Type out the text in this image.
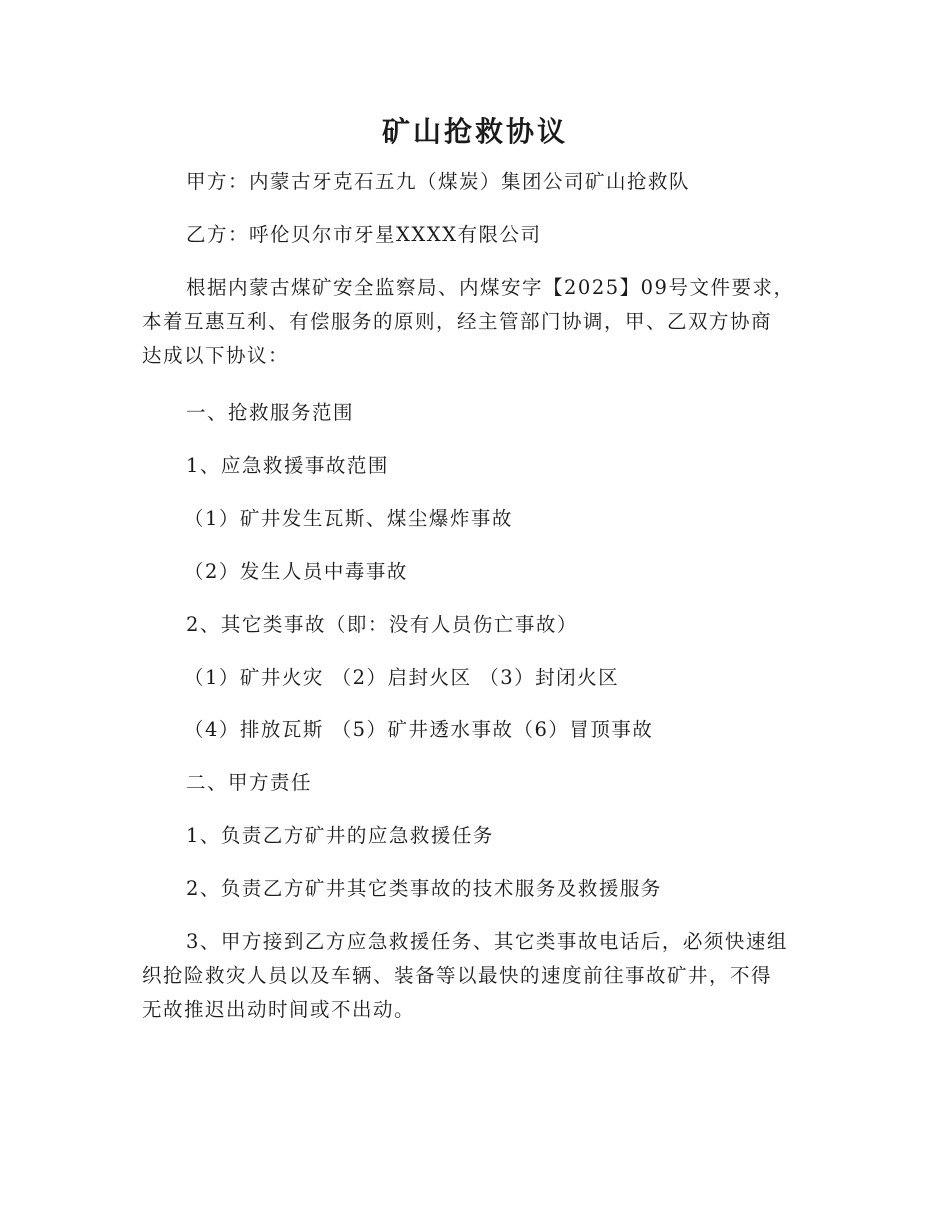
矿山抢救协议

甲方：内蒙古牙克石五九（煤炭）集团公司矿山抢救队

乙方：呼伦贝尔市牙星XXXX有限公司

根据内蒙古煤矿安全监察局、内煤安字【2025】09号文件要求，
本着互惠互利、有偿服务的原则，经主管部门协调，甲、乙双方协商
达成以下协议：

一、抢救服务范围

1、应急救援事故范围

（1）矿井发生瓦斯、煤尘爆炸事故

（2）发生人员中毒事故

2、其它类事故（即：没有人员伤亡事故）

（1）矿井火灾 （2）启封火区 （3）封闭火区

（4）排放瓦斯 （5）矿井透水事故（6）冒顶事故

二、甲方责任

1、负责乙方矿井的应急救援任务

2、负责乙方矿井其它类事故的技术服务及救援服务

3、甲方接到乙方应急救援任务、其它类事故电话后，必须快速组
织抢险救灾人员以及车辆、装备等以最快的速度前往事故矿井，不得
无故推迟出动时间或不出动。
